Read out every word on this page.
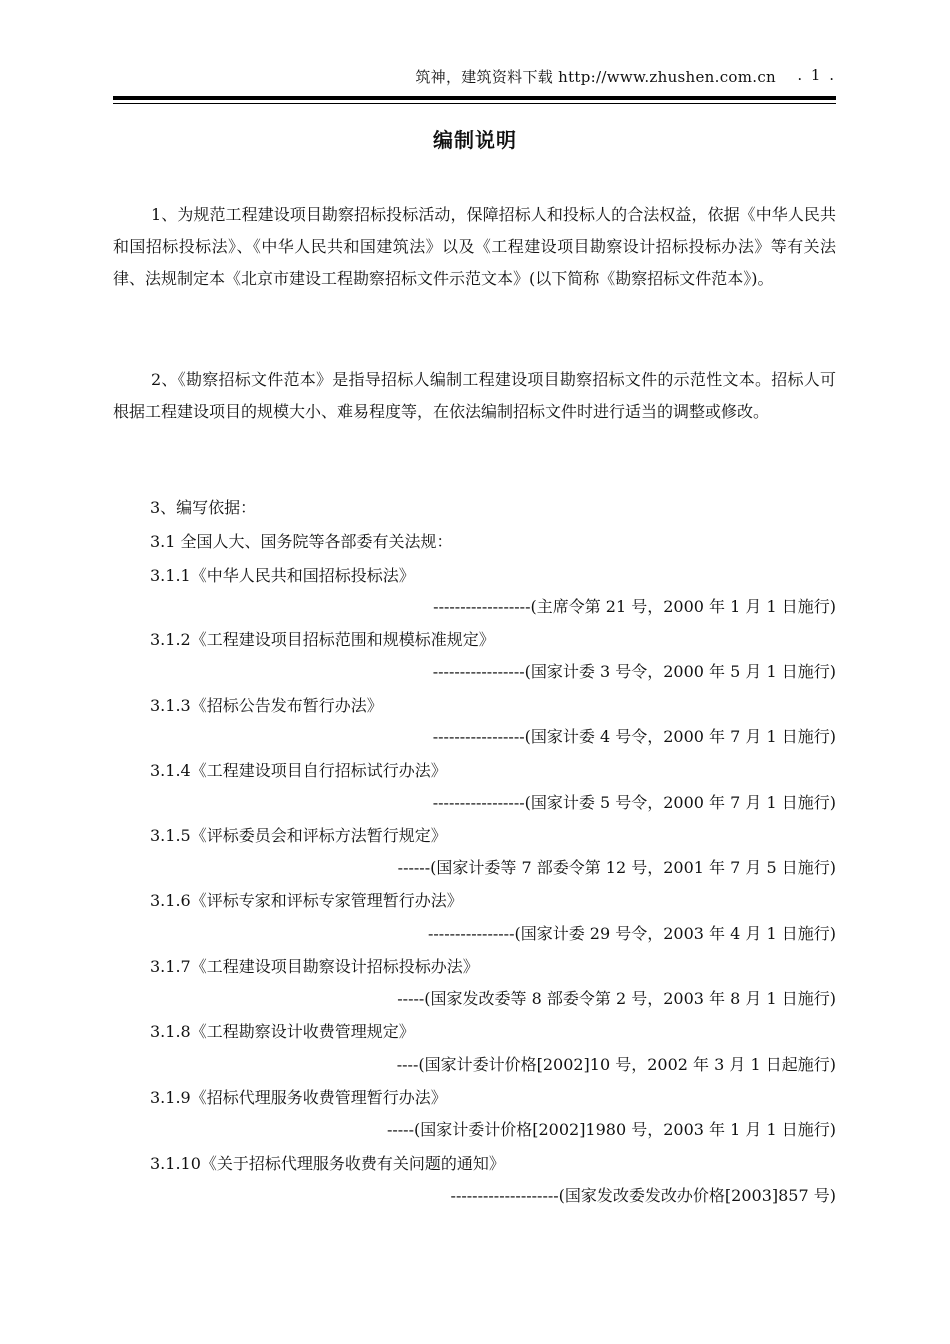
筑神，建筑资料下载 http://www.zhushen.com.cn . 1 .
编制说明

1、为规范工程建设项目勘察招标投标活动，保障招标人和投标人的合法权益，依据《中华人民共和国招标投标法》、《中华人民共和国建筑法》以及《工程建设项目勘察设计招标投标办法》等有关法律、法规制定本《北京市建设工程勘察招标文件示范文本》(以下简称《勘察招标文件范本》)。

2、《勘察招标文件范本》是指导招标人编制工程建设项目勘察招标文件的示范性文本。招标人可根据工程建设项目的规模大小、难易程度等，在依法编制招标文件时进行适当的调整或修改。

3、编写依据：
3.1 全国人大、国务院等各部委有关法规：
3.1.1《中华人民共和国招标投标法》
------------------(主席令第 21 号，2000 年 1 月 1 日施行)
3.1.2《工程建设项目招标范围和规模标准规定》
-----------------(国家计委 3 号令，2000 年 5 月 1 日施行)
3.1.3《招标公告发布暂行办法》
-----------------(国家计委 4 号令，2000 年 7 月 1 日施行)
3.1.4《工程建设项目自行招标试行办法》
-----------------(国家计委 5 号令，2000 年 7 月 1 日施行)
3.1.5《评标委员会和评标方法暂行规定》
------(国家计委等 7 部委令第 12 号，2001 年 7 月 5 日施行)
3.1.6《评标专家和评标专家管理暂行办法》
----------------(国家计委 29 号令，2003 年 4 月 1 日施行)
3.1.7《工程建设项目勘察设计招标投标办法》
-----(国家发改委等 8 部委令第 2 号，2003 年 8 月 1 日施行)
3.1.8《工程勘察设计收费管理规定》
----(国家计委计价格[2002]10 号，2002 年 3 月 1 日起施行)
3.1.9《招标代理服务收费管理暂行办法》
-----(国家计委计价格[2002]1980 号，2003 年 1 月 1 日施行)
3.1.10《关于招标代理服务收费有关问题的通知》
--------------------(国家发改委发改办价格[2003]857 号)
